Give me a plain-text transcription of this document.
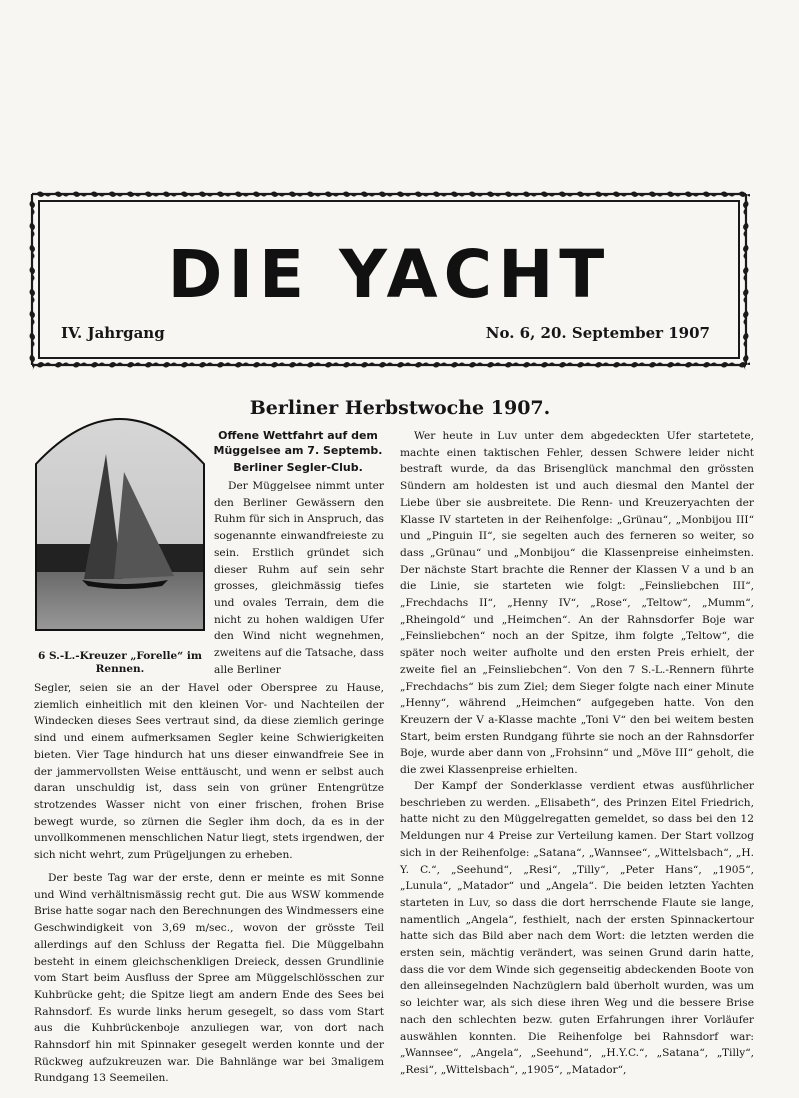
DIE YACHT
IV. Jahrgang	No. 6, 20. September 1907
6 S.-L.-Kreuzer „Forelle“ im Rennen.
Berliner Herbstwoche 1907.
Offene Wettfahrt auf dem Müggelsee am 7. Septemb.
Berliner Segler-Club.

Der Müggelsee nimmt unter den Berliner Gewässern den Ruhm für sich in Anspruch, das sogenannte einwandfreieste zu sein. Erstlich gründet sich dieser Ruhm auf sein sehr grosses, gleichmässig tiefes und ovales Terrain, dem die nicht zu hohen waldigen Ufer den Wind nicht wegnehmen, zweitens auf die Tatsache, dass alle Berliner

Segler, seien sie an der Havel oder Oberspree zu Hause, ziemlich einheitlich mit den kleinen Vor- und Nachteilen der Windecken dieses Sees vertraut sind, da diese ziemlich geringe sind und einem aufmerksamen Segler keine Schwierigkeiten bieten. Vier Tage hindurch hat uns dieser einwandfreie See in der jammervollsten Weise enttäuscht, und wenn er selbst auch daran unschuldig ist, dass sein von grüner Entengrütze strotzendes Wasser nicht von einer frischen, frohen Brise bewegt wurde, so zürnen die Segler ihm doch, da es in der unvollkommenen menschlichen Natur liegt, stets irgendwen, der sich nicht wehrt, zum Prügeljungen zu erheben.

Der beste Tag war der erste, denn er meinte es mit Sonne und Wind verhältnismässig recht gut. Die aus WSW kommende Brise hatte sogar nach den Berechnungen des Windmessers eine Geschwindigkeit von 3,69 m/sec., wovon der grösste Teil allerdings auf den Schluss der Regatta fiel. Die Müggelbahn besteht in einem gleichschenkligen Dreieck, dessen Grundlinie vom Start beim Ausfluss der Spree am Müggelschlösschen zur Kuhbrücke geht; die Spitze liegt am andern Ende des Sees bei Rahnsdorf. Es wurde links herum gesegelt, so dass vom Start aus die Kuhbrückenboje anzuliegen war, von dort nach Rahnsdorf hin mit Spinnaker gesegelt werden konnte und der Rückweg aufzukreuzen war. Die Bahnlänge war bei 3maligem Rundgang 13 Seemeilen.

Wer heute in Luv unter dem abgedeckten Ufer startetete, machte einen taktischen Fehler, dessen Schwere leider nicht bestraft wurde, da das Brisenglück manchmal den grössten Sündern am holdesten ist und auch diesmal den Mantel der Liebe über sie ausbreitete. Die Renn- und Kreuzeryachten der Klasse IV starteten in der Reihenfolge: „Grünau“, „Monbijou III“ und „Pinguin II“, sie segelten auch des ferneren so weiter, so dass „Grünau“ und „Monbijou“ die Klassenpreise einheimsten. Der nächste Start brachte die Renner der Klassen V a und b an die Linie, sie starteten wie folgt: „Feinsliebchen III“, „Frechdachs II“, „Henny IV“, „Rose“, „Teltow“, „Mumm“, „Rheingold“ und „Heimchen“. An der Rahnsdorfer Boje war „Feinsliebchen“ noch an der Spitze, ihm folgte „Teltow“, die später noch weiter aufholte und den ersten Preis erhielt, der zweite fiel an „Feinsliebchen“. Von den 7 S.-L.-Rennern führte „Frechdachs“ bis zum Ziel; dem Sieger folgte nach einer Minute „Henny“, während „Heimchen“ aufgegeben hatte. Von den Kreuzern der V a-Klasse machte „Toni V“ den bei weitem besten Start, beim ersten Rundgang führte sie noch an der Rahnsdorfer Boje, wurde aber dann von „Frohsinn“ und „Möve III“ geholt, die die zwei Klassenpreise erhielten.

Der Kampf der Sonderklasse verdient etwas ausführlicher beschrieben zu werden. „Elisabeth“, des Prinzen Eitel Friedrich, hatte nicht zu den Müggelregatten gemeldet, so dass bei den 12 Meldungen nur 4 Preise zur Verteilung kamen. Der Start vollzog sich in der Reihenfolge: „Satana“, „Wannsee“, „Wittelsbach“, „H. Y. C.“, „Seehund“, „Resi“, „Tilly“, „Peter Hans“, „1905“, „Lunula“, „Matador“ und „Angela“. Die beiden letzten Yachten starteten in Luv, so dass die dort herrschende Flaute sie lange, namentlich „Angela“, festhielt, nach der ersten Spinnackertour hatte sich das Bild aber nach dem Wort: die letzten werden die ersten sein, mächtig verändert, was seinen Grund darin hatte, dass die vor dem Winde sich gegenseitig abdeckenden Boote von den alleinsegelnden Nachzüglern bald überholt wurden, was um so leichter war, als sich diese ihren Weg und die bessere Brise nach den schlechten bezw. guten Erfahrungen ihrer Vorläufer auswählen konnten. Die Reihenfolge bei Rahnsdorf war: „Wannsee“, „Angela“, „Seehund“, „H.Y.C.“, „Satana“, „Tilly“, „Resi“, „Wittelsbach“, „1905“, „Matador“,
